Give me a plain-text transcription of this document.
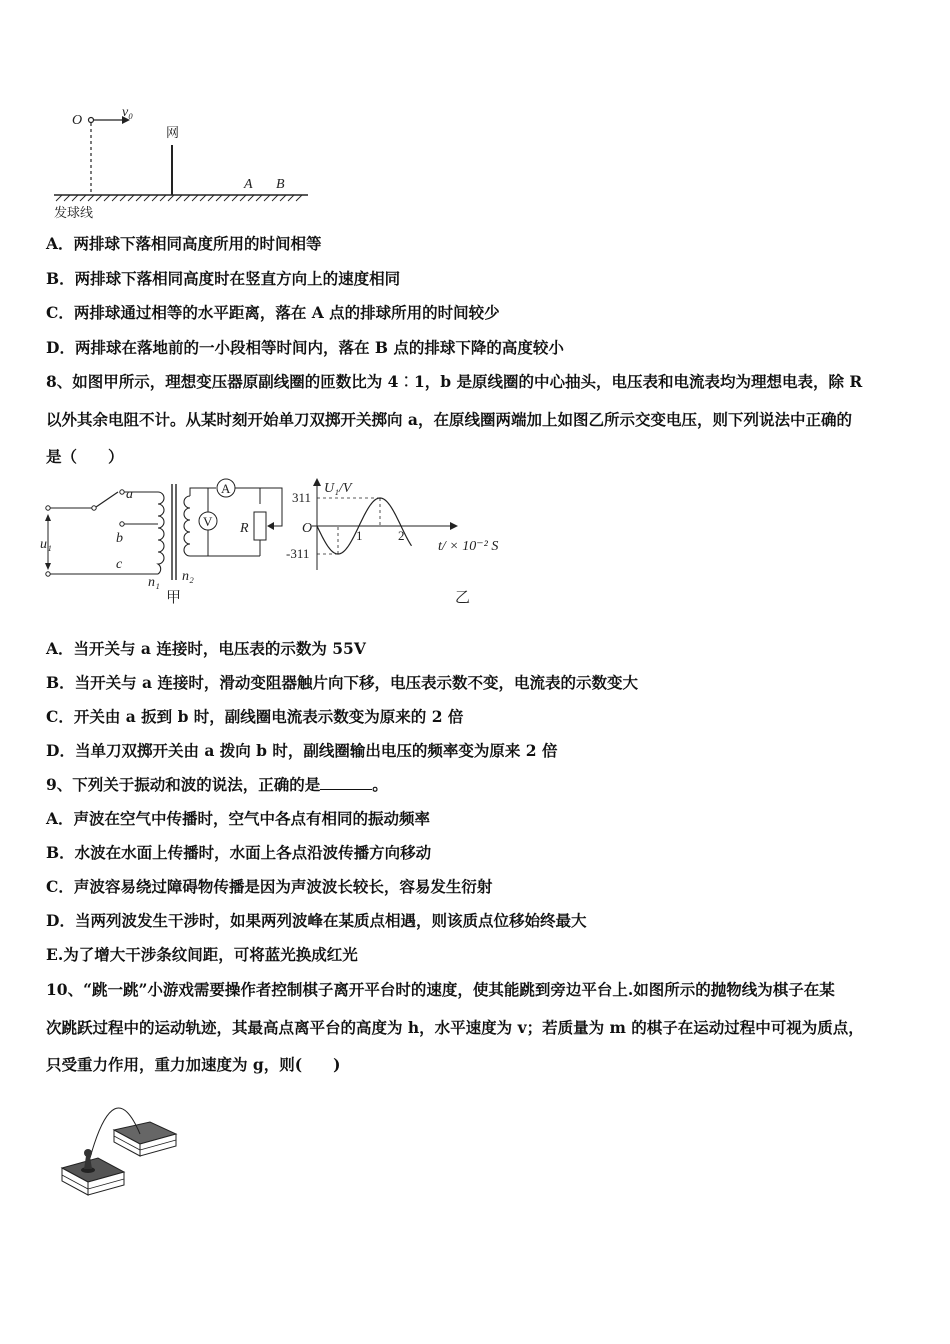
O
v₀
网
A B
发球线
A．两排球下落相同高度所用的时间相等
B．两排球下落相同高度时在竖直方向上的速度相同
C．两排球通过相等的水平距离，落在 A 点的排球所用的时间较少
D．两排球在落地前的一小段相等时间内，落在 B 点的排球下降的高度较小
8、如图甲所示，理想变压器原副线圈的匝数比为 4︰1，b 是原线圈的中心抽头，电压表和电流表均为理想电表，除 R
以外其余电阻不计。从某时刻开始单刀双掷开关掷向 a，在原线圈两端加上如图乙所示交变电压，则下列说法中正确的
是（　　）
u₁
a
b
c
n₁ n₂
A
V R
甲
U₁/V
O
t/ × 10⁻² S
乙
311
-311
1	2
A．当开关与 a 连接时，电压表的示数为 55V
B．当开关与 a 连接时，滑动变阻器触片向下移，电压表示数不变，电流表的示数变大
C．开关由 a 扳到 b 时，副线圈电流表示数变为原来的 2 倍
D．当单刀双掷开关由 a 拨向 b 时，副线圈输出电压的频率变为原来 2 倍
9、下列关于振动和波的说法，正确的是	。
A．声波在空气中传播时，空气中各点有相同的振动频率
B．水波在水面上传播时，水面上各点沿波传播方向移动
C．声波容易绕过障碍物传播是因为声波波长较长，容易发生衍射
D．当两列波发生干涉时，如果两列波峰在某质点相遇，则该质点位移始终最大
E.为了增大干涉条纹间距，可将蓝光换成红光
10、“跳一跳”小游戏需要操作者控制棋子离开平台时的速度，使其能跳到旁边平台上.如图所示的抛物线为棋子在某
次跳跃过程中的运动轨迹，其最高点离平台的高度为 h，水平速度为 v；若质量为 m 的棋子在运动过程中可视为质点，
只受重力作用，重力加速度为 g，则(　　)
